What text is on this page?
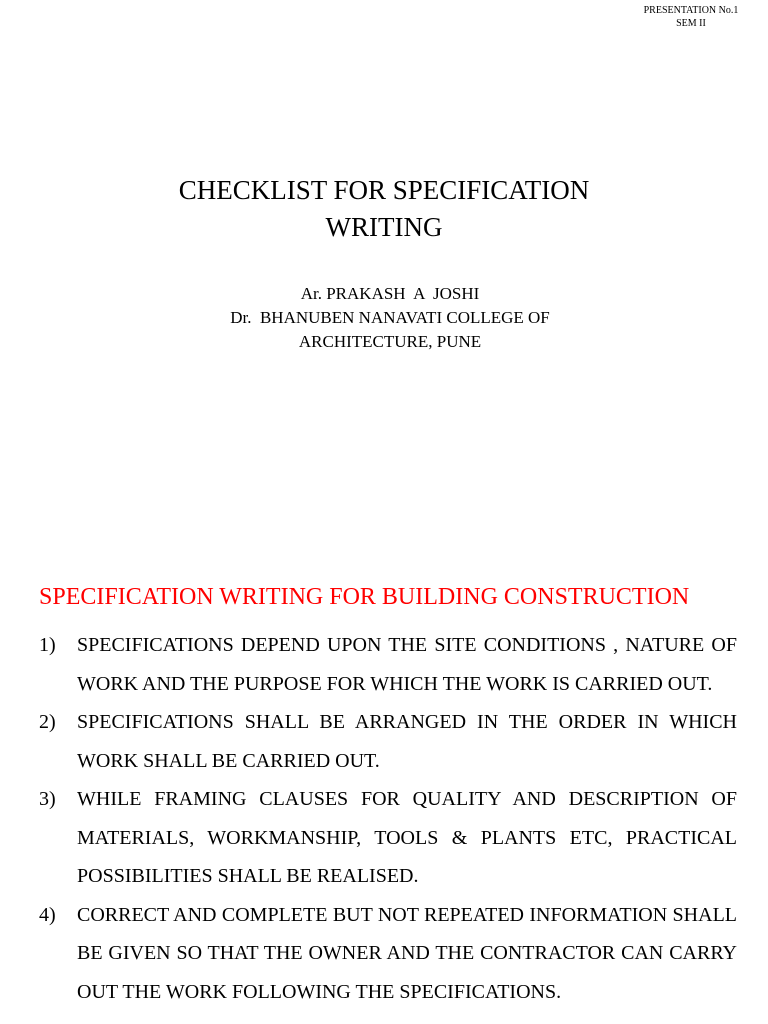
PRESENTATION No.1
SEM II
CHECKLIST FOR SPECIFICATION
WRITING
Ar. PRAKASH  A  JOSHI
Dr.  BHANUBEN NANAVATI COLLEGE OF
ARCHITECTURE, PUNE
SPECIFICATION WRITING FOR BUILDING CONSTRUCTION
1) SPECIFICATIONS DEPEND UPON THE SITE CONDITIONS , NATURE OF WORK AND THE PURPOSE FOR WHICH THE WORK IS CARRIED OUT.
2) SPECIFICATIONS SHALL BE ARRANGED IN THE ORDER IN WHICH WORK SHALL BE CARRIED OUT.
3) WHILE FRAMING CLAUSES FOR QUALITY AND DESCRIPTION OF MATERIALS, WORKMANSHIP, TOOLS & PLANTS ETC, PRACTICAL POSSIBILITIES SHALL BE REALISED.
4) CORRECT AND COMPLETE BUT NOT REPEATED INFORMATION SHALL BE GIVEN SO THAT THE OWNER AND THE CONTRACTOR CAN CARRY OUT THE WORK FOLLOWING THE SPECIFICATIONS.
